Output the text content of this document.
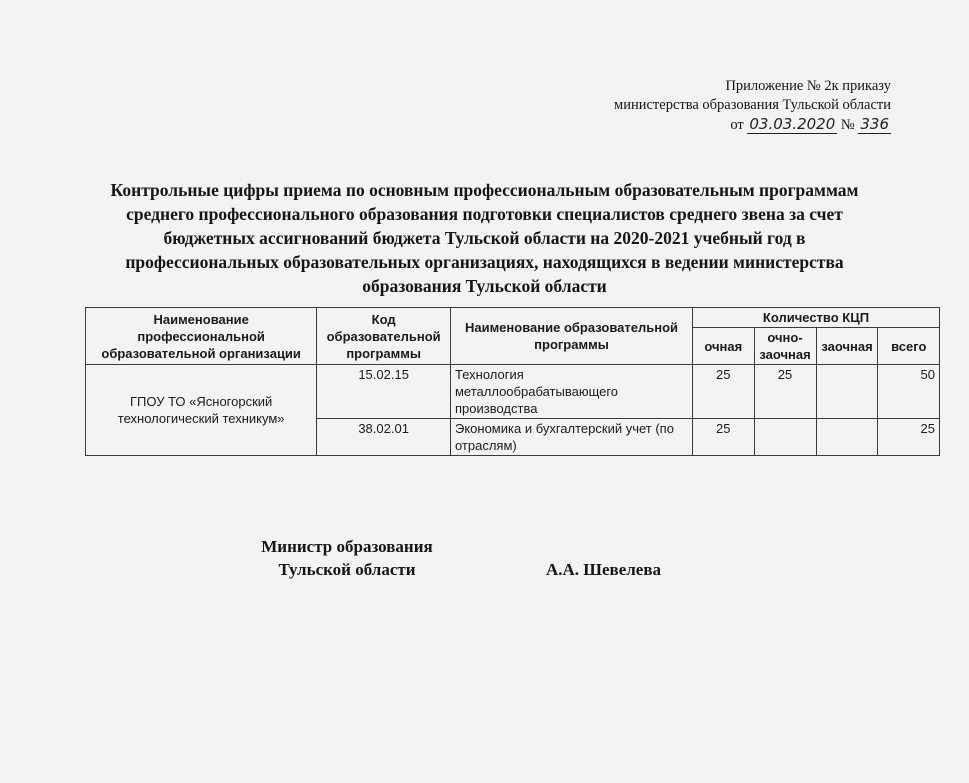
Приложение № 2к приказу
министерства образования Тульской области
от 03.03.2020 № 336
Контрольные цифры приема по основным профессиональным образовательным программам среднего профессионального образования подготовки специалистов среднего звена за счет бюджетных ассигнований бюджета Тульской области на 2020-2021 учебный год в профессиональных образовательных организациях, находящихся в ведении министерства образования Тульской области
Наименование профессиональной образовательной организации	Код образовательной программы	Наименование образовательной программы	Количество КЦП			
			очная	очно-заочная	заочная	всего
ГПОУ ТО «Ясногорский технологический техникум»	15.02.15	Технология металлообрабатывающего производства	25	25		50
	38.02.01	Экономика и бухгалтерский учет (по отраслям)	25			25
Министр образования
Тульской области	А.А. Шевелева
